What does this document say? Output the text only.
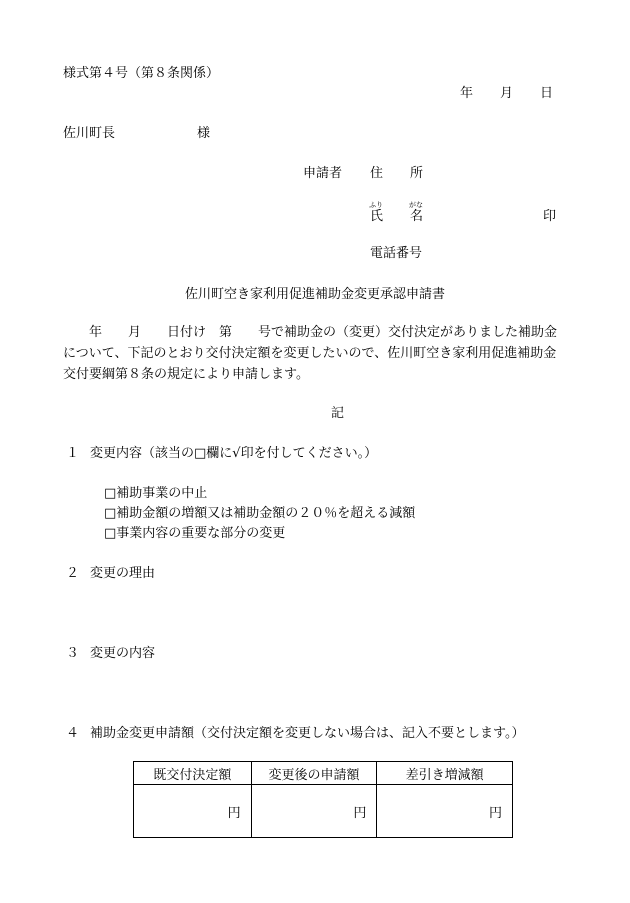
様式第４号（第８条関係）
年 月 日
佐川町長	様
申請者 住 所
ふり	がな
氏 名	印
電話番号
佐川町空き家利用促進補助金変更承認申請書

　　年　　月　　日付け　第　　号で補助金の（変更）交付決定がありました補助金

について、下記のとおり交付決定額を変更したいので、佐川町空き家利用促進補助金

交付要綱第８条の規定により申請します。

記
１ 変更内容（該当の□欄に√印を付してください。）
□補助事業の中止
□補助金額の増額又は補助金額の２０％を超える減額
□事業内容の重要な部分の変更
２ 変更の理由
３ 変更の内容
４ 補助金変更申請額（交付決定額を変更しない場合は、記入不要とします。）
既交付決定額	変更後の申請額	差引き増減額
円	円	円
